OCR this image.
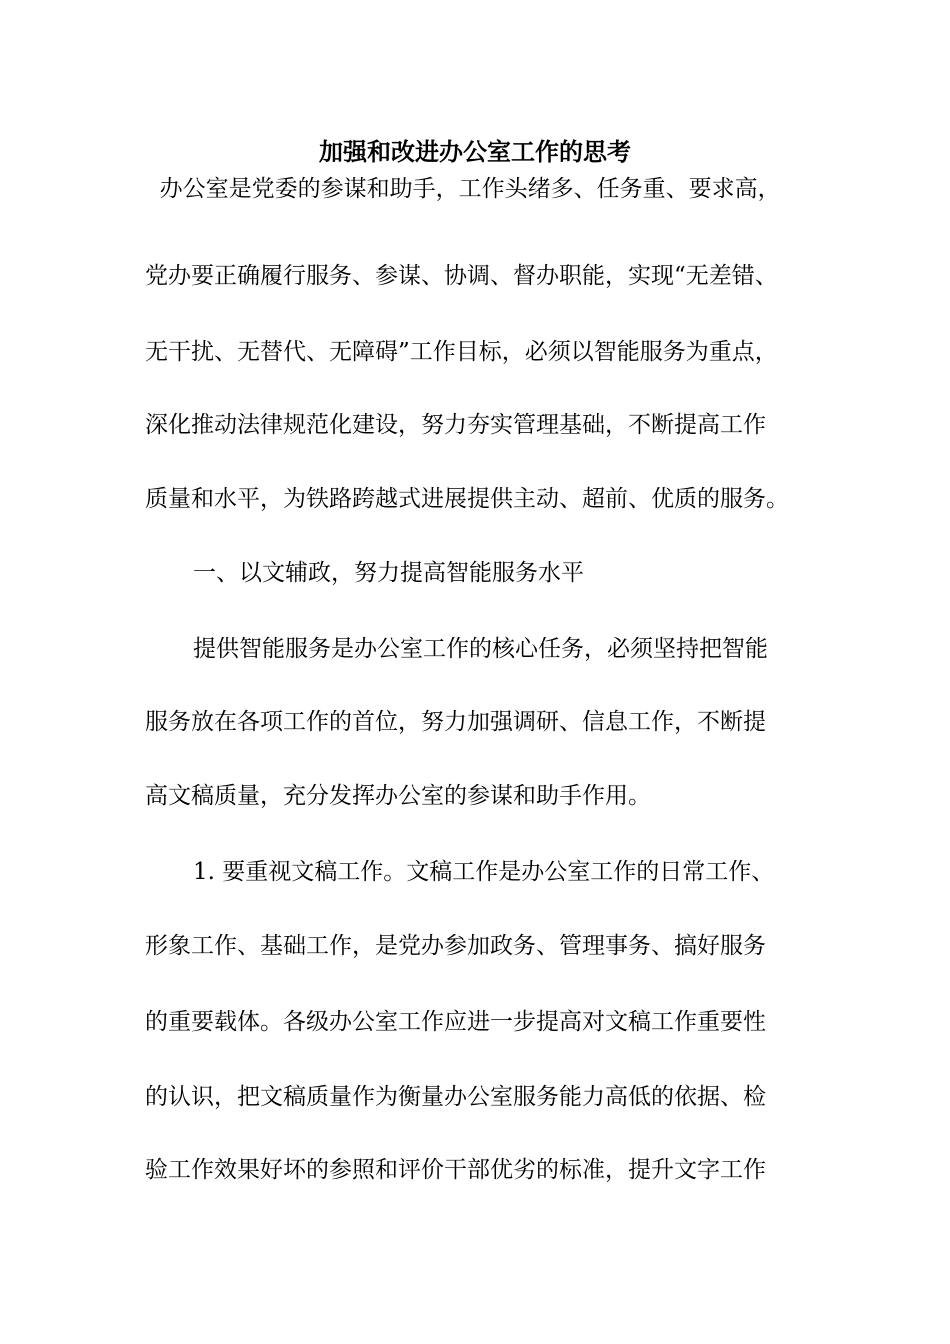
加强和改进办公室工作的思考
办公室是党委的参谋和助手，工作头绪多、任务重、要求高，
党办要正确履行服务、参谋、协调、督办职能，实现“无差错、
无干扰、无替代、无障碍”工作目标，必须以智能服务为重点，
深化推动法律规范化建设，努力夯实管理基础，不断提高工作
质量和水平，为铁路跨越式进展提供主动、超前、优质的服务。
一、以文辅政，努力提高智能服务水平
提供智能服务是办公室工作的核心任务，必须坚持把智能
服务放在各项工作的首位，努力加强调研、信息工作，不断提
高文稿质量，充分发挥办公室的参谋和助手作用。
1. 要重视文稿工作。文稿工作是办公室工作的日常工作、
形象工作、基础工作，是党办参加政务、管理事务、搞好服务
的重要载体。各级办公室工作应进一步提高对文稿工作重要性
的认识，把文稿质量作为衡量办公室服务能力高低的依据、检
验工作效果好坏的参照和评价干部优劣的标准，提升文字工作
